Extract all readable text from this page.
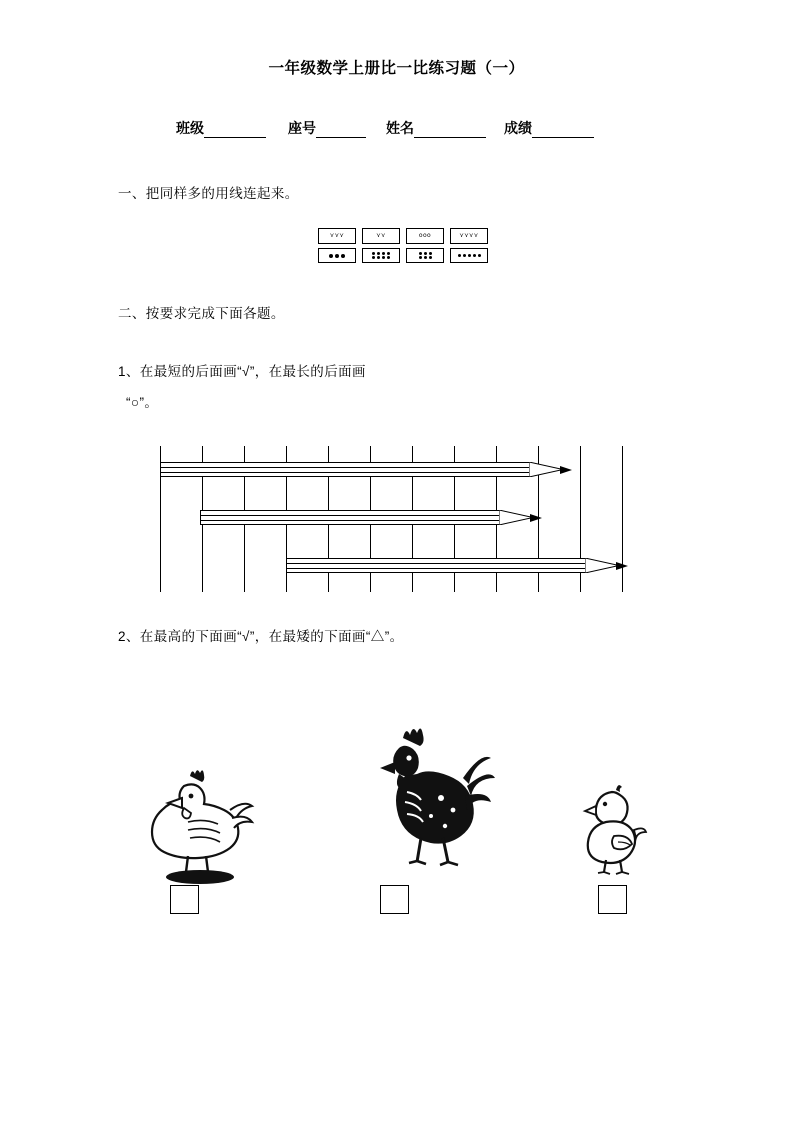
一年级数学上册比一比练习题（一）
班级	座号	姓名	成绩
一、把同样多的用线连起来。
⋎⋎⋎	⋎⋎	ᴏᴏᴏ	⋎⋎⋎⋎
二、按要求完成下面各题。
1、在最短的后面画“√”，在最长的后面画
“○”。
2、在最高的下面画“√”，在最矮的下面画“△”。
